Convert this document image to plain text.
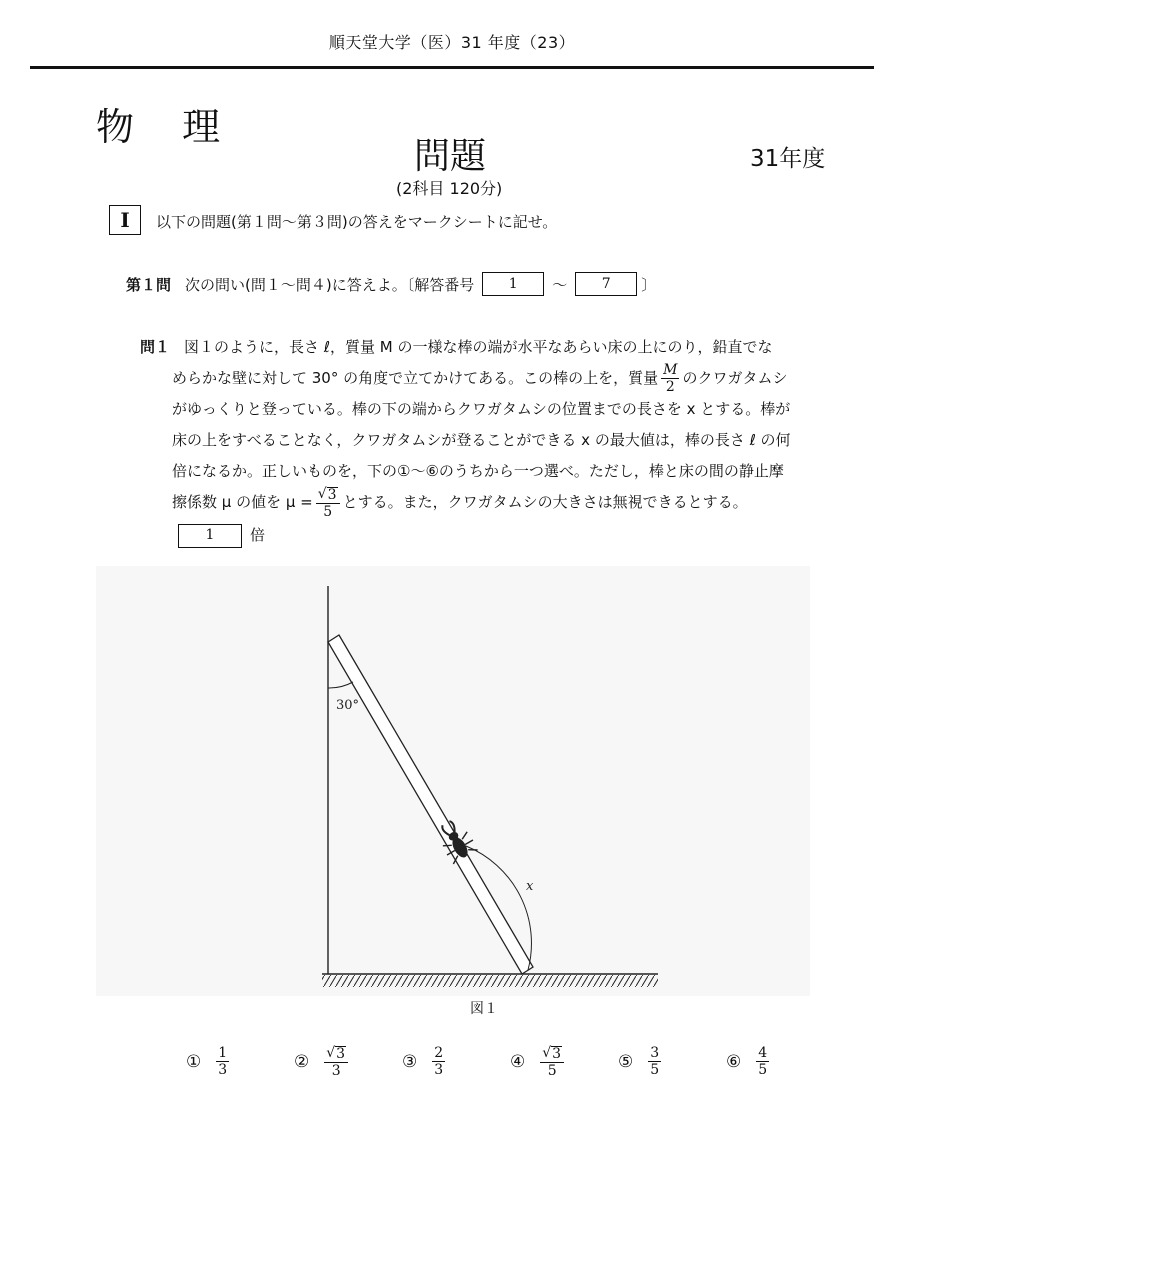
順天堂大学（医）31 年度（23）
物 理
問題	31年度
(2科目 120分)
I	以下の問題(第１問～第３問)の答えをマークシートに記せ。
第１問 次の問い(問１～問４)に答えよ。〔解答番号	1	～	7	〕
問１ 図１のように，長さ ℓ，質量 M の一様な棒の端が水平なあらい床の上にのり，鉛直でな
めらかな壁に対して 30° の角度で立てかけてある。この棒の上を，質量 $\frac{M}{2}$ のクワガタムシ
がゆっくりと登っている。棒の下の端からクワガタムシの位置までの長さを x とする。棒が
床の上をすべることなく，クワガタムシが登ることができる x の最大値は，棒の長さ ℓ の何
倍になるか。正しいものを，下の①～⑥のうちから一つ選べ。ただし，棒と床の間の静止摩
擦係数 μ の値を $\mu = \frac{√ 3}{5}$ とする。また，クワガタムシの大きさは無視できるとする。
1	倍
30°
x
図１
① $\frac{1}{3}$	② $\frac{√ 3}{3}$	③ $\frac{2}{3}$	④ $\frac{√ 3}{5}$	⑤ $\frac{3}{5}$	⑥ $\frac{4}{5}$
